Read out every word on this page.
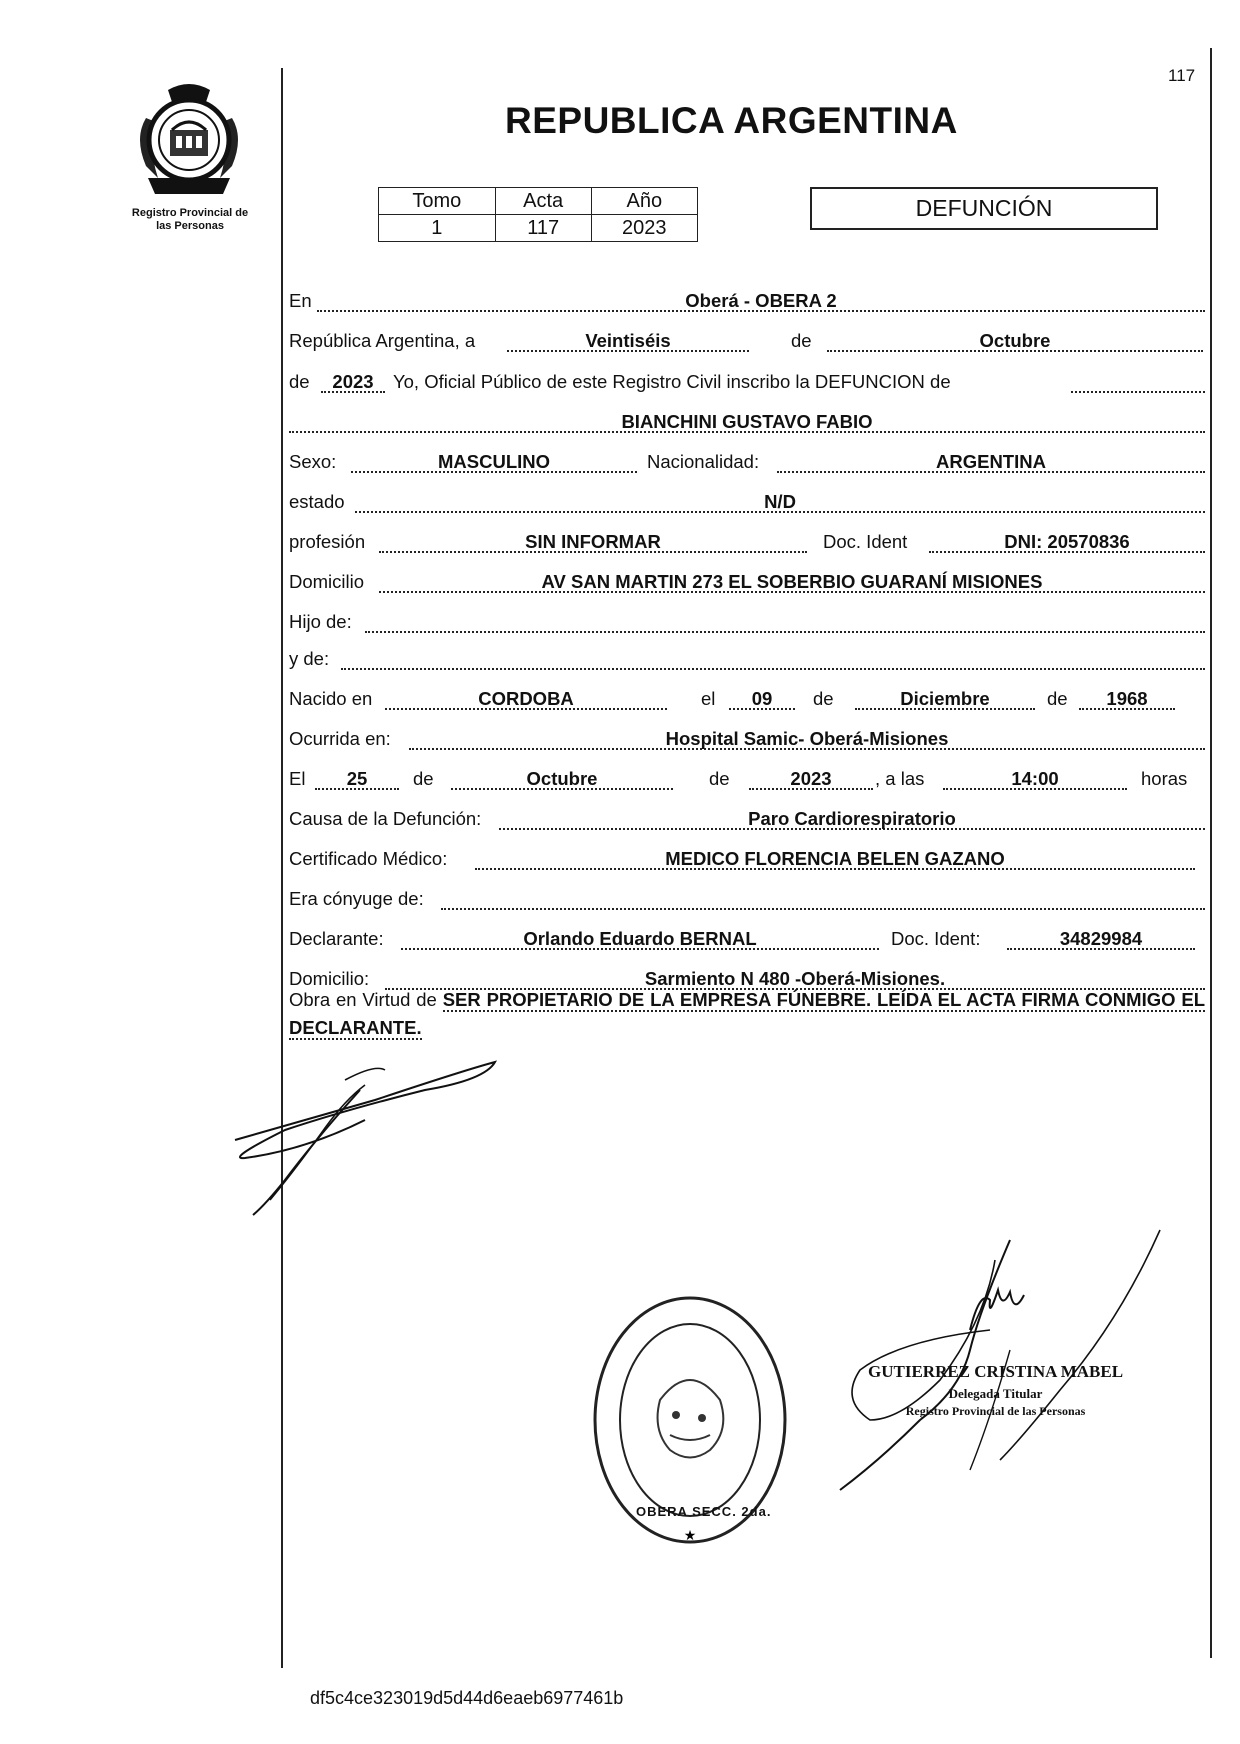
117
Registro Provincial de
las Personas
REPUBLICA ARGENTINA
Tomo	Acta	Año
1	117	2023
DEFUNCIÓN
En	Oberá - OBERA 2
República Argentina, a	Veintiséis	de	Octubre
de	2023	Yo, Oficial Público de este Registro Civil inscribo la DEFUNCION de
BIANCHINI GUSTAVO FABIO
Sexo:	MASCULINO	Nacionalidad:	ARGENTINA
estado	N/D
profesión	SIN INFORMAR	Doc. Ident	DNI: 20570836
Domicilio	AV SAN MARTIN 273 EL SOBERBIO GUARANÍ MISIONES
Hijo de:
y de:
Nacido en	CORDOBA	el	09	de	Diciembre	de	1968
Ocurrida en:	Hospital Samic- Oberá-Misiones
El	25	de	Octubre	de	2023	, a las	14:00	horas
Causa de la Defunción:	Paro Cardiorespiratorio
Certificado Médico:	MEDICO FLORENCIA BELEN GAZANO
Era cónyuge de:
Declarante:	Orlando Eduardo BERNAL	Doc. Ident:	34829984
Domicilio:	Sarmiento N 480 -Oberá-Misiones.
Obra en Virtud de SER PROPIETARIO DE LA EMPRESA FÚNEBRE. LEÍDA EL ACTA FIRMA CONMIGO EL DECLARANTE.
★
OBERA SECC. 2da.
GUTIERREZ CRISTINA MABEL
Delegada Titular
Registro Provincial de las Personas
df5c4ce323019d5d44d6eaeb6977461b
